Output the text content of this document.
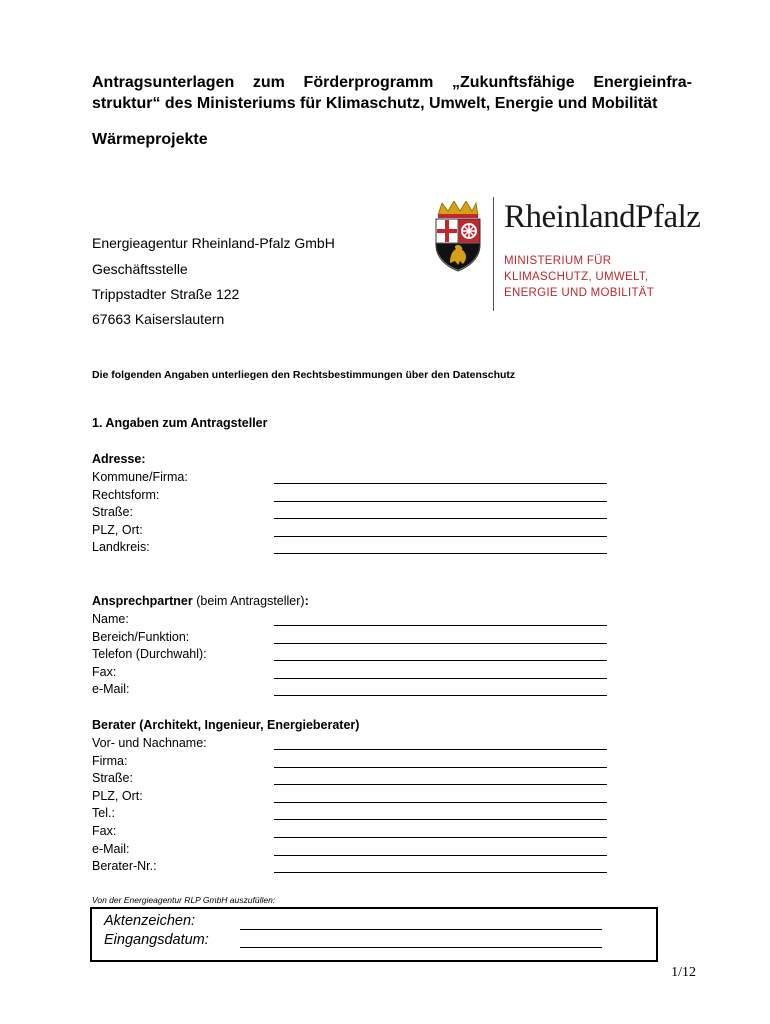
Antragsunterlagen zum Förderprogramm „Zukunftsfähige Energieinfra-struktur“ des Ministeriums für Klimaschutz, Umwelt, Energie und Mobilität
Wärmeprojekte
RheinlandPfalz
MINISTERIUM FÜR
KLIMASCHUTZ, UMWELT,
ENERGIE UND MOBILITÄT
Energieagentur Rheinland-Pfalz GmbH
Geschäftsstelle
Trippstadter Straße 122
67663 Kaiserslautern
Die folgenden Angaben unterliegen den Rechtsbestimmungen über den Datenschutz
1. Angaben zum Antragsteller
Adresse:
Kommune/Firma:
Rechtsform:
Straße:
PLZ, Ort:
Landkreis:
Ansprechpartner (beim Antragsteller):
Name:
Bereich/Funktion:
Telefon (Durchwahl):
Fax:
e-Mail:
Berater (Architekt, Ingenieur, Energieberater)
Vor- und Nachname:
Firma:
Straße:
PLZ, Ort:
Tel.:
Fax:
e-Mail:
Berater-Nr.:
Von der Energieagentur RLP GmbH auszufüllen:
Aktenzeichen:
Eingangsdatum:
1/12
